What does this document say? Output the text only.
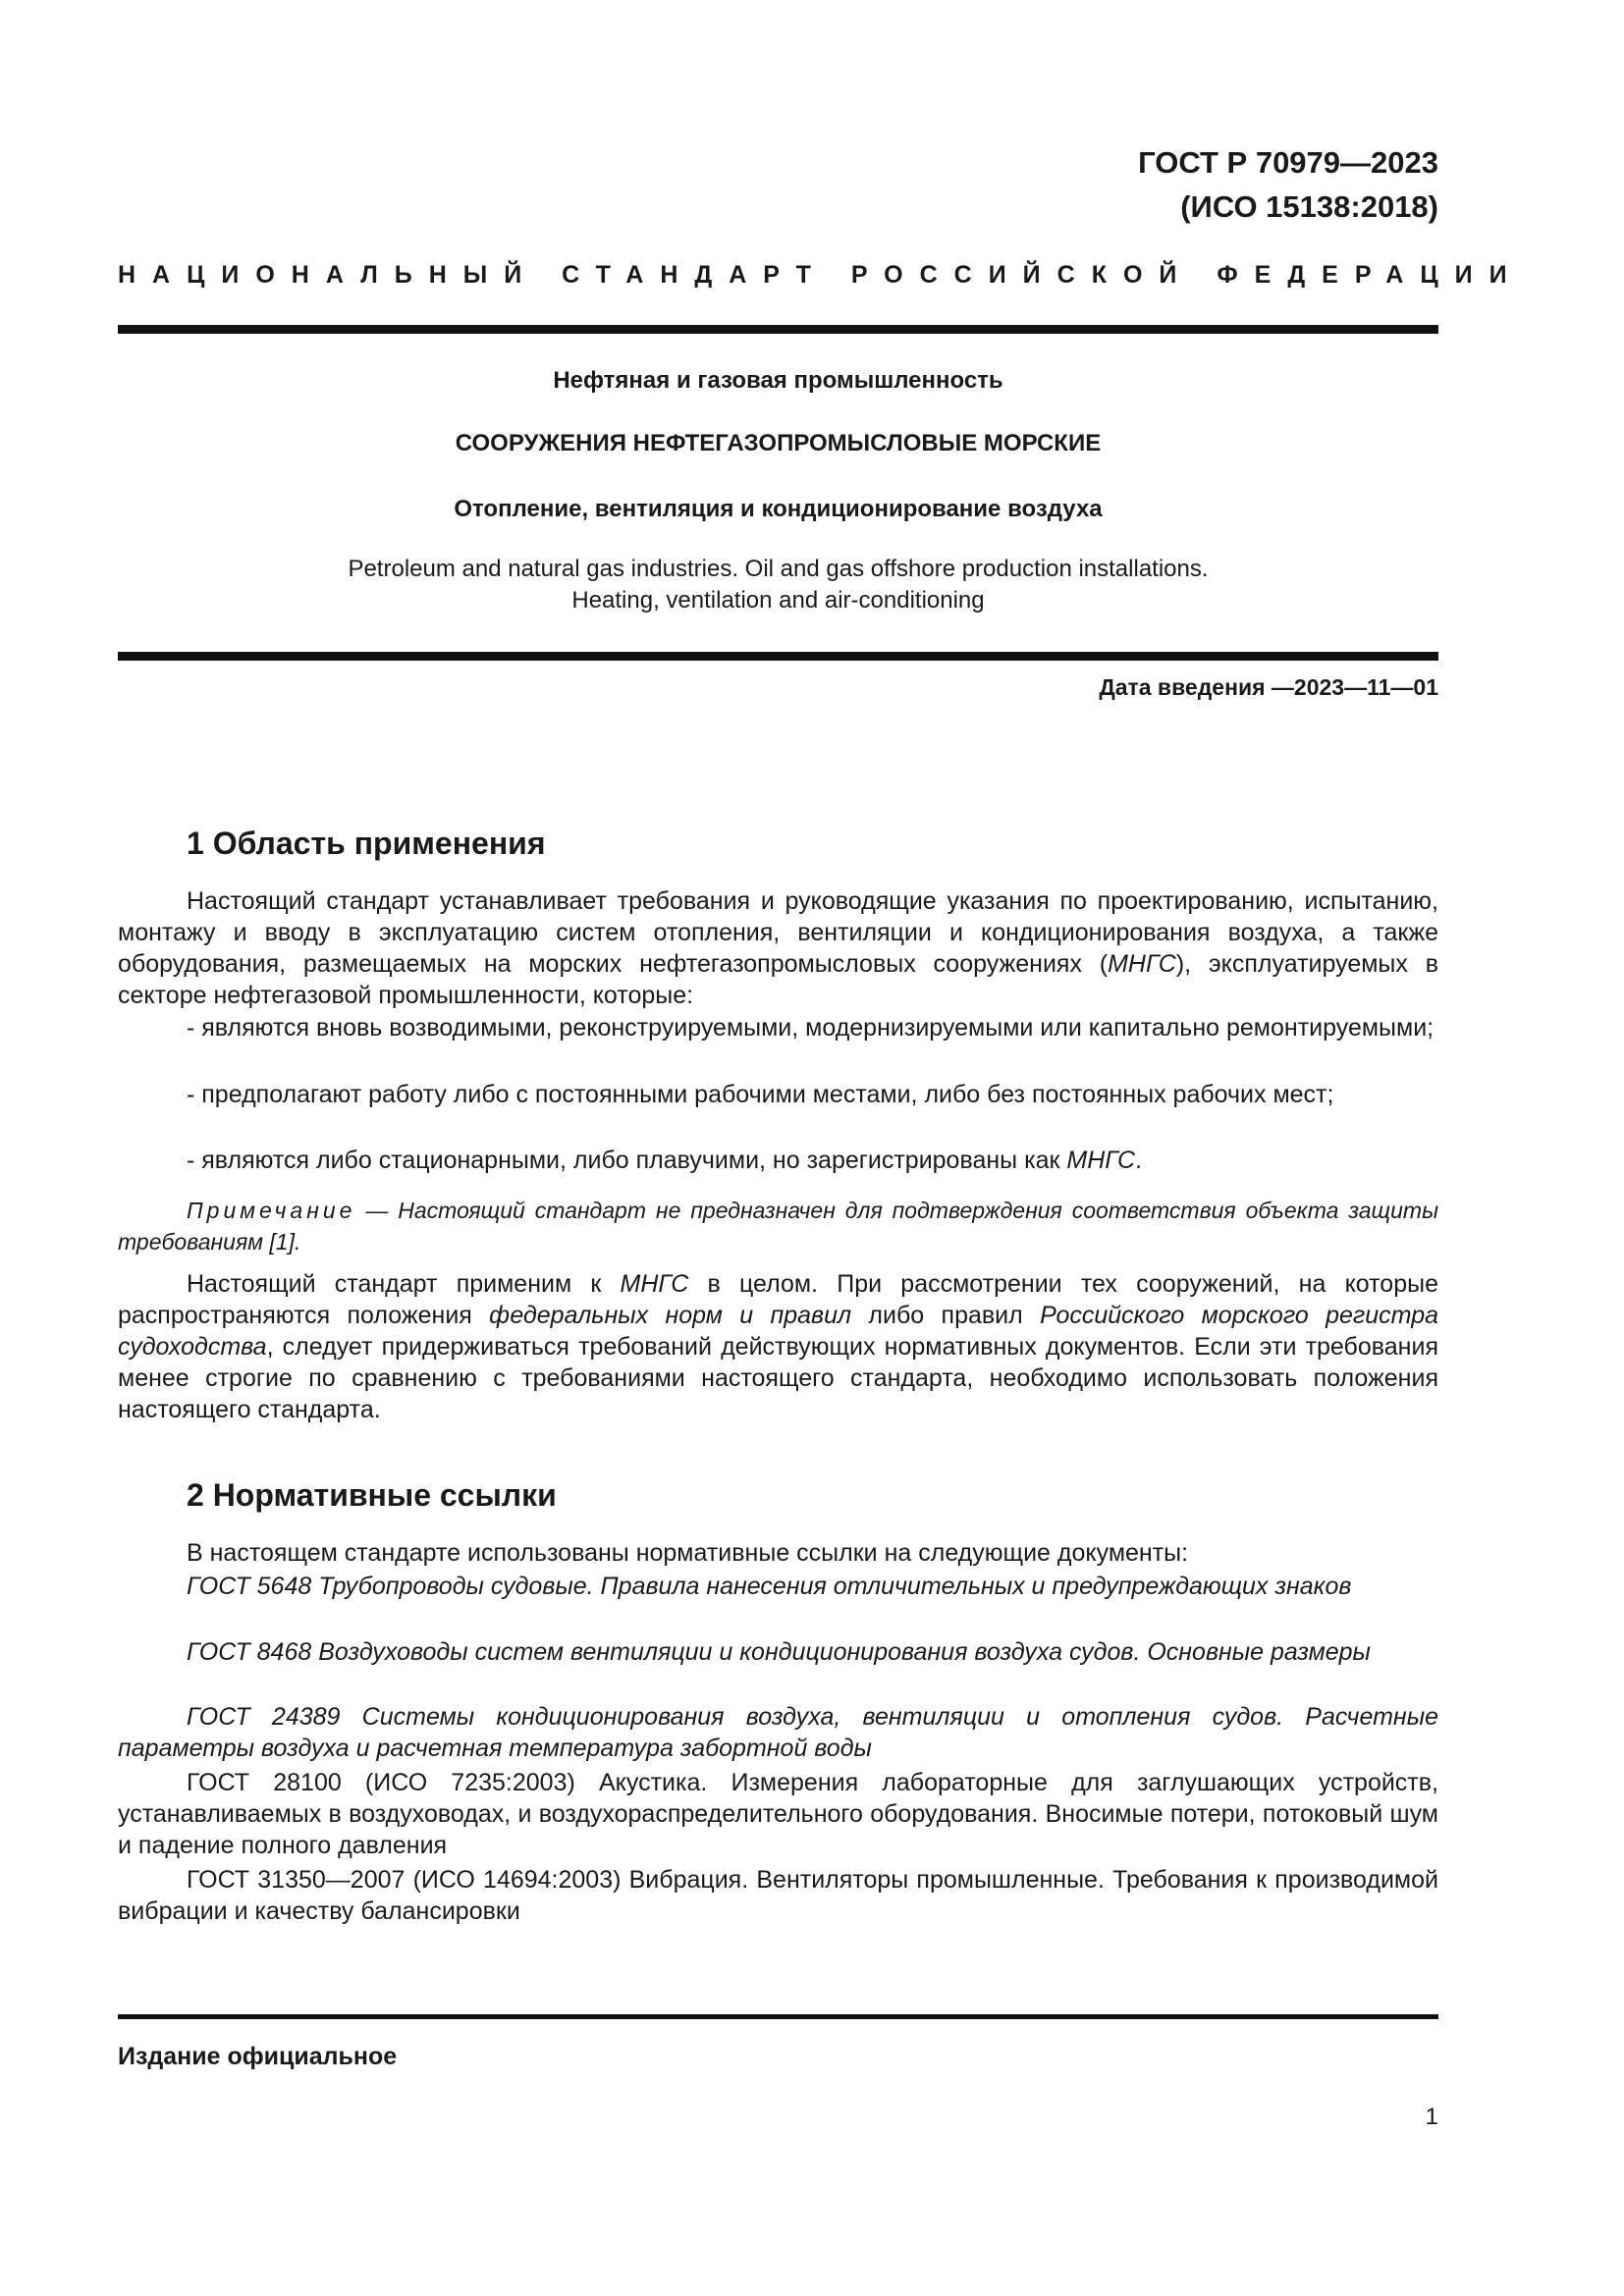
ГОСТ Р 70979—2023
(ИСО 15138:2018)
НАЦИОНАЛЬНЫЙ СТАНДАРТ РОССИЙСКОЙ ФЕДЕРАЦИИ
Нефтяная и газовая промышленность
СООРУЖЕНИЯ НЕФТЕГАЗОПРОМЫСЛОВЫЕ МОРСКИЕ
Отопление, вентиляция и кондиционирование воздуха
Petroleum and natural gas industries. Oil and gas offshore production installations.
Heating, ventilation and air-conditioning
Дата введения —2023—11—01
1 Область применения
Настоящий стандарт устанавливает требования и руководящие указания по проектированию, испытанию, монтажу и вводу в эксплуатацию систем отопления, вентиляции и кондиционирования воздуха, а также оборудования, размещаемых на морских нефтегазопромысловых сооружениях (МНГС), эксплуатируемых в секторе нефтегазовой промышленности, которые:
- являются вновь возводимыми, реконструируемыми, модернизируемыми или капитально ремонтируемыми;
- предполагают работу либо с постоянными рабочими местами, либо без постоянных рабочих мест;
- являются либо стационарными, либо плавучими, но зарегистрированы как МНГС.
Примечание — Настоящий стандарт не предназначен для подтверждения соответствия объекта защиты требованиям [1].
Настоящий стандарт применим к МНГС в целом. При рассмотрении тех сооружений, на которые распространяются положения федеральных норм и правил либо правил Российского морского регистра судоходства, следует придерживаться требований действующих нормативных документов. Если эти требования менее строгие по сравнению с требованиями настоящего стандарта, необходимо использовать положения настоящего стандарта.
2 Нормативные ссылки
В настоящем стандарте использованы нормативные ссылки на следующие документы:
ГОСТ 5648 Трубопроводы судовые. Правила нанесения отличительных и предупреждающих знаков
ГОСТ 8468 Воздуховоды систем вентиляции и кондиционирования воздуха судов. Основные размеры
ГОСТ 24389 Системы кондиционирования воздуха, вентиляции и отопления судов. Расчетные параметры воздуха и расчетная температура забортной воды
ГОСТ 28100 (ИСО 7235:2003) Акустика. Измерения лабораторные для заглушающих устройств, устанавливаемых в воздуховодах, и воздухораспределительного оборудования. Вносимые потери, потоковый шум и падение полного давления
ГОСТ 31350—2007 (ИСО 14694:2003) Вибрация. Вентиляторы промышленные. Требования к производимой вибрации и качеству балансировки
Издание официальное
1
